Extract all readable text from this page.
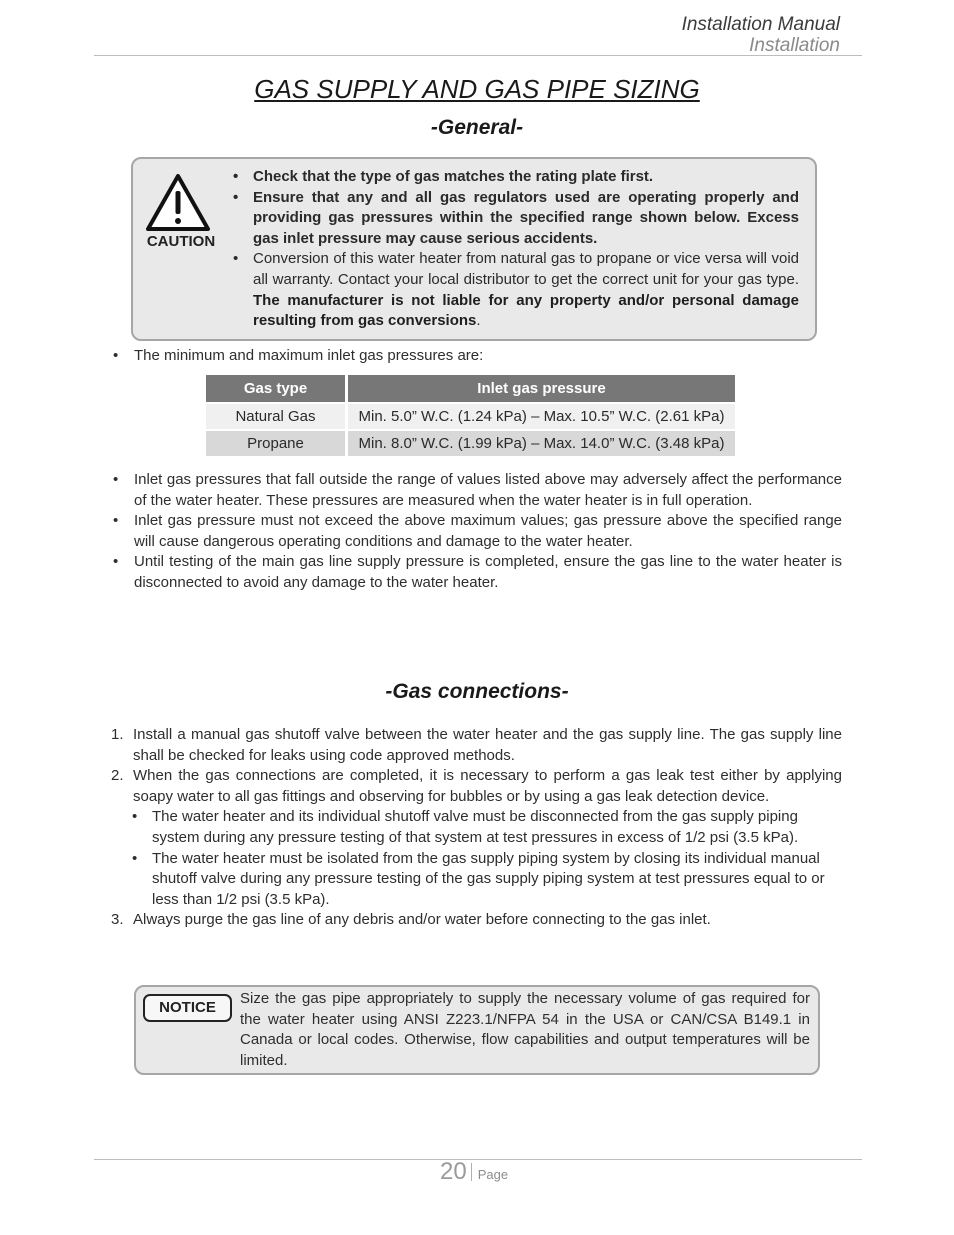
Installation Manual
Installation
GAS SUPPLY AND GAS PIPE SIZING
-General-
CAUTION
• Check that the type of gas matches the rating plate first.
• Ensure that any and all gas regulators used are operating properly and providing gas pressures within the specified range shown below. Excess gas inlet pressure may cause serious accidents.
• Conversion of this water heater from natural gas to propane or vice versa will void all warranty. Contact your local distributor to get the correct unit for your gas type. The manufacturer is not liable for any property and/or personal damage resulting from gas conversions.
• The minimum and maximum inlet gas pressures are:
Gas type	Inlet gas pressure
Natural Gas	Min. 5.0” W.C. (1.24 kPa) – Max. 10.5” W.C. (2.61 kPa)
Propane	Min. 8.0” W.C. (1.99 kPa) – Max. 14.0” W.C. (3.48 kPa)
• Inlet gas pressures that fall outside the range of values listed above may adversely affect the performance of the water heater. These pressures are measured when the water heater is in full operation.
• Inlet gas pressure must not exceed the above maximum values; gas pressure above the specified range will cause dangerous operating conditions and damage to the water heater.
• Until testing of the main gas line supply pressure is completed, ensure the gas line to the water heater is disconnected to avoid any damage to the water heater.
-Gas connections-
1. Install a manual gas shutoff valve between the water heater and the gas supply line. The gas supply line shall be checked for leaks using code approved methods.
2. When the gas connections are completed, it is necessary to perform a gas leak test either by applying soapy water to all gas fittings and observing for bubbles or by using a gas leak detection device.
• The water heater and its individual shutoff valve must be disconnected from the gas supply piping system during any pressure testing of that system at test pressures in excess of 1/2 psi (3.5 kPa).
• The water heater must be isolated from the gas supply piping system by closing its individual manual shutoff valve during any pressure testing of the gas supply piping system at test pressures equal to or less than 1/2 psi (3.5 kPa).
3. Always purge the gas line of any debris and/or water before connecting to the gas inlet.
NOTICE
Size the gas pipe appropriately to supply the necessary volume of gas required for the water heater using ANSI Z223.1/NFPA 54 in the USA or CAN/CSA B149.1 in Canada or local codes. Otherwise, flow capabilities and output temperatures will be limited.
20 Page
